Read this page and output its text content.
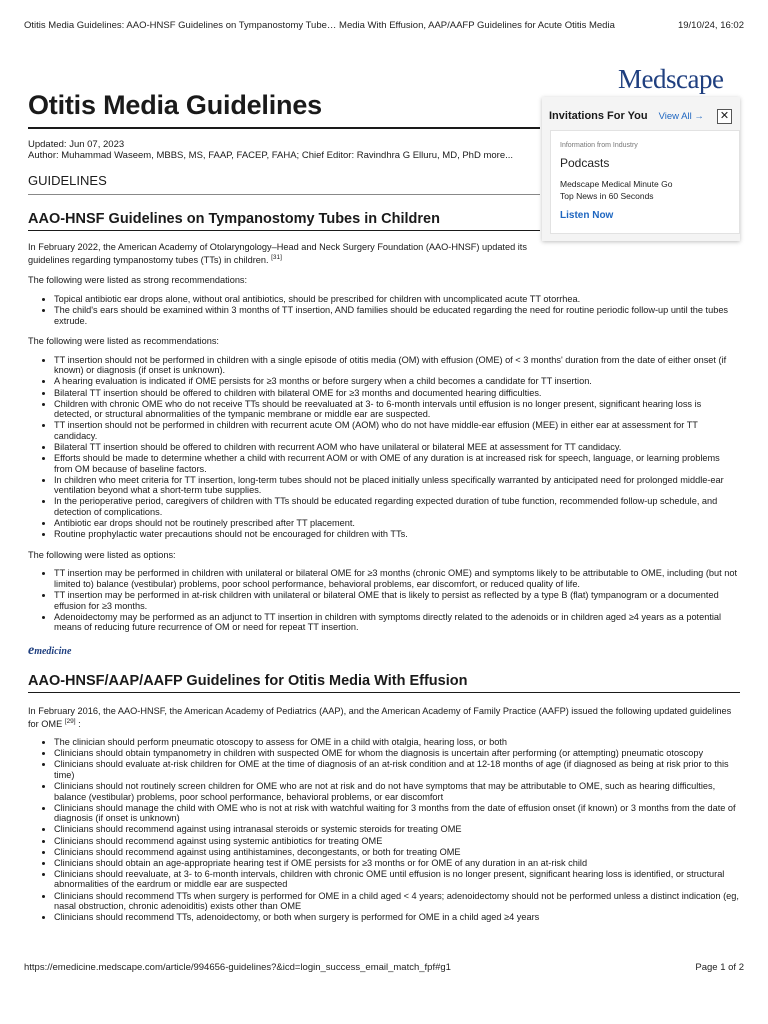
Otitis Media Guidelines: AAO-HNSF Guidelines on Tympanostomy Tube… Media With Effusion, AAP/AAFP Guidelines for Acute Otitis Media	19/10/24, 16:02
Medscape
Otitis Media Guidelines
Updated: Jun 07, 2023
Author: Muhammad Waseem, MBBS, MS, FAAP, FACEP, FAHA; Chief Editor: Ravindhra G Elluru, MD, PhD more...
GUIDELINES
AAO-HNSF Guidelines on Tympanostomy Tubes in Children

In February 2022, the American Academy of Otolaryngology–Head and Neck Surgery Foundation (AAO-HNSF) updated its guidelines regarding tympanostomy tubes (TTs) in children. [31]

The following were listed as strong recommendations:

• Topical antibiotic ear drops alone, without oral antibiotics, should be prescribed for children with uncomplicated acute TT otorrhea.
• The child's ears should be examined within 3 months of TT insertion, AND families should be educated regarding the need for routine periodic follow-up until the tubes extrude.

The following were listed as recommendations:

• TT insertion should not be performed in children with a single episode of otitis media (OM) with effusion (OME) of < 3 months' duration from the date of either onset (if known) or diagnosis (if onset is unknown).
• A hearing evaluation is indicated if OME persists for ≥3 months or before surgery when a child becomes a candidate for TT insertion.
• Bilateral TT insertion should be offered to children with bilateral OME for ≥3 months and documented hearing difficulties.
• Children with chronic OME who do not receive TTs should be reevaluated at 3- to 6-month intervals until effusion is no longer present, significant hearing loss is detected, or structural abnormalities of the tympanic membrane or middle ear are suspected.
• TT insertion should not be performed in children with recurrent acute OM (AOM) who do not have middle-ear effusion (MEE) in either ear at assessment for TT candidacy.
• Bilateral TT insertion should be offered to children with recurrent AOM who have unilateral or bilateral MEE at assessment for TT candidacy.
• Efforts should be made to determine whether a child with recurrent AOM or with OME of any duration is at increased risk for speech, language, or learning problems from OM because of baseline factors.
• In children who meet criteria for TT insertion, long-term tubes should not be placed initially unless specifically warranted by anticipated need for prolonged middle-ear ventilation beyond what a short-term tube supplies.
• In the perioperative period, caregivers of children with TTs should be educated regarding expected duration of tube function, recommended follow-up schedule, and detection of complications.
• Antibiotic ear drops should not be routinely prescribed after TT placement.
• Routine prophylactic water precautions should not be encouraged for children with TTs.

The following were listed as options:

• TT insertion may be performed in children with unilateral or bilateral OME for ≥3 months (chronic OME) and symptoms likely to be attributable to OME, including (but not limited to) balance (vestibular) problems, poor school performance, behavioral problems, ear discomfort, or reduced quality of life.
• TT insertion may be performed in at-risk children with unilateral or bilateral OME that is likely to persist as reflected by a type B (flat) tympanogram or a documented effusion for ≥3 months.
• Adenoidectomy may be performed as an adjunct to TT insertion in children with symptoms directly related to the adenoids or in children aged ≥4 years as a potential means of reducing future recurrence of OM or need for repeat TT insertion.
emedicine
AAO-HNSF/AAP/AAFP Guidelines for Otitis Media With Effusion

In February 2016, the AAO-HNSF, the American Academy of Pediatrics (AAP), and the American Academy of Family Practice (AAFP) issued the following updated guidelines for OME [29] :

• The clinician should perform pneumatic otoscopy to assess for OME in a child with otalgia, hearing loss, or both
• Clinicians should obtain tympanometry in children with suspected OME for whom the diagnosis is uncertain after performing (or attempting) pneumatic otoscopy
• Clinicians should evaluate at-risk children for OME at the time of diagnosis of an at-risk condition and at 12-18 months of age (if diagnosed as being at risk prior to this time)
• Clinicians should not routinely screen children for OME who are not at risk and do not have symptoms that may be attributable to OME, such as hearing difficulties, balance (vestibular) problems, poor school performance, behavioral problems, or ear discomfort
• Clinicians should manage the child with OME who is not at risk with watchful waiting for 3 months from the date of effusion onset (if known) or 3 months from the date of diagnosis (if onset is unknown)
• Clinicians should recommend against using intranasal steroids or systemic steroids for treating OME
• Clinicians should recommend against using systemic antibiotics for treating OME
• Clinicians should recommend against using antihistamines, decongestants, or both for treating OME
• Clinicians should obtain an age-appropriate hearing test if OME persists for ≥3 months or for OME of any duration in an at-risk child
• Clinicians should reevaluate, at 3- to 6-month intervals, children with chronic OME until effusion is no longer present, significant hearing loss is identified, or structural abnormalities of the eardrum or middle ear are suspected
• Clinicians should recommend TTs when surgery is performed for OME in a child aged < 4 years; adenoidectomy should not be performed unless a distinct indication (eg, nasal obstruction, chronic adenoiditis) exists other than OME
• Clinicians should recommend TTs, adenoidectomy, or both when surgery is performed for OME in a child aged ≥4 years
Invitations For You View All → ✕
Information from Industry
Podcasts
Medscape Medical Minute Go
Top News in 60 Seconds
Listen Now
https://emedicine.medscape.com/article/994656-guidelines?&icd=login_success_email_match_fpf#g1	Page 1 of 2
